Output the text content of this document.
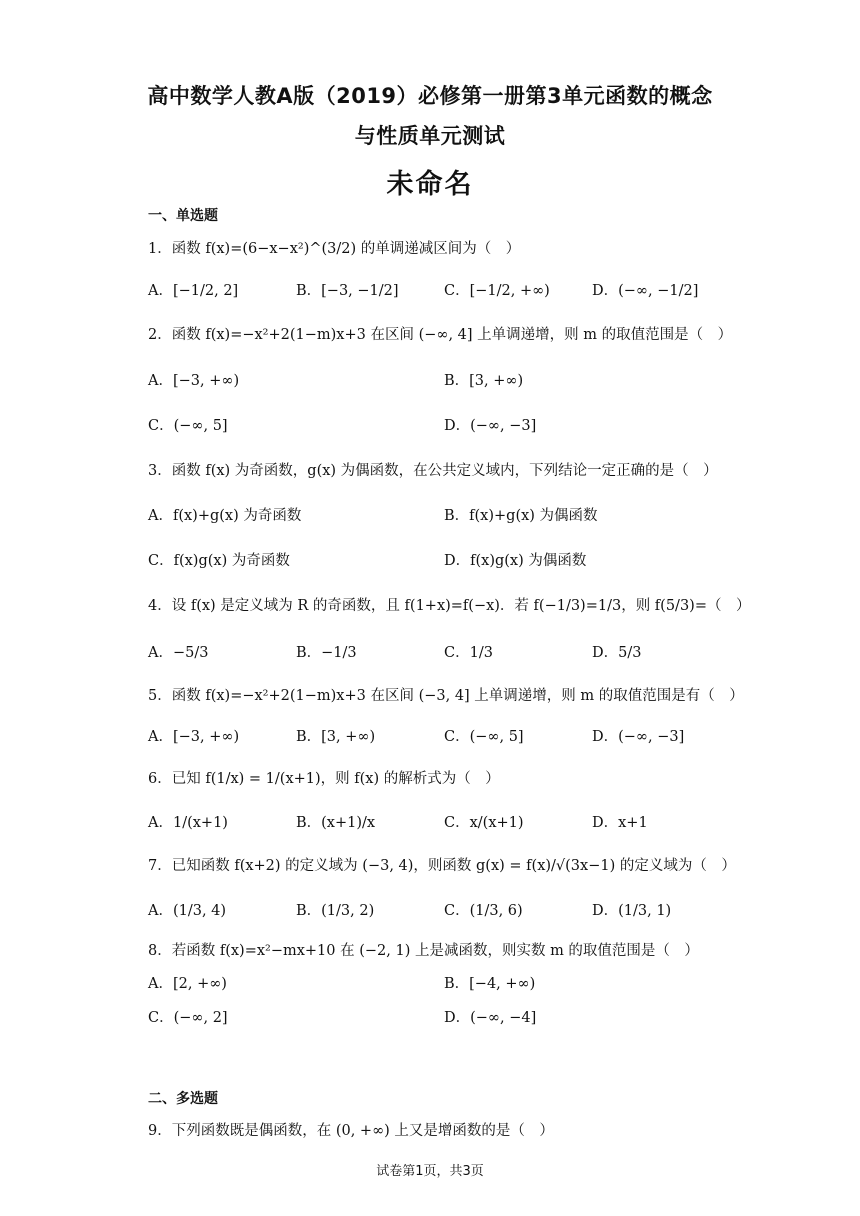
高中数学人教A版（2019）必修第一册第3单元函数的概念
与性质单元测试
未命名
一、单选题
1．函数 f(x)=(6−x−x²)^(3/2) 的单调递减区间为（　）
A．[−1/2, 2]	B．[−3, −1/2]	C．[−1/2, +∞)	D．(−∞, −1/2]
2．函数 f(x)=−x²+2(1−m)x+3 在区间 (−∞, 4] 上单调递增，则 m 的取值范围是（　）
A．[−3, +∞)	B．[3, +∞)
C．(−∞, 5]	D．(−∞, −3]
3．函数 f(x) 为奇函数，g(x) 为偶函数，在公共定义域内，下列结论一定正确的是（　）
A．f(x)+g(x) 为奇函数	B．f(x)+g(x) 为偶函数
C．f(x)g(x) 为奇函数	D．f(x)g(x) 为偶函数
4．设 f(x) 是定义域为 R 的奇函数，且 f(1+x)=f(−x)．若 f(−1/3)=1/3，则 f(5/3)=（　）
A．−5/3	B．−1/3	C．1/3	D．5/3
5．函数 f(x)=−x²+2(1−m)x+3 在区间 (−3, 4] 上单调递增，则 m 的取值范围是有（　）
A．[−3, +∞)	B．[3, +∞)	C．(−∞, 5]	D．(−∞, −3]
6．已知 f(1/x) = 1/(x+1)，则 f(x) 的解析式为（　）
A．1/(x+1)	B．(x+1)/x	C．x/(x+1)	D．x+1
7．已知函数 f(x+2) 的定义域为 (−3, 4)，则函数 g(x) = f(x)/√(3x−1) 的定义域为（　）
A．(1/3, 4)	B．(1/3, 2)	C．(1/3, 6)	D．(1/3, 1)
8．若函数 f(x)=x²−mx+10 在 (−2, 1) 上是减函数，则实数 m 的取值范围是（　）
A．[2, +∞)	B．[−4, +∞)
C．(−∞, 2]	D．(−∞, −4]
二、多选题
9．下列函数既是偶函数，在 (0, +∞) 上又是增函数的是（　）
试卷第1页，共3页
